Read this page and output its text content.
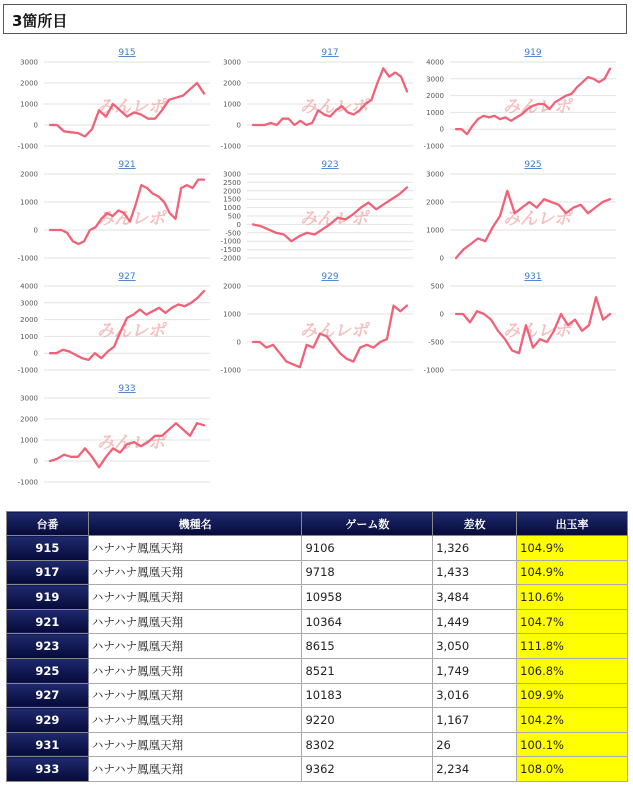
3箇所目
915
3000
2000
1000
0
-1000
みんレポ
917
3000
2000
1000
0
-1000
みんレポ
919
4000
3000
2000
1000
0
-1000
みんレポ
921
2000
1000
0
-1000
みんレポ
923
3000
2500
2000
1500
1000
500
0
-500
-1000
-1500
-2000
みんレポ
925
3000
2000
1000
0
みんレポ
927
4000
3000
2000
1000
0
-1000
みんレポ
929
2000
1000
0
-1000
みんレポ
931
500
0
-500
-1000
みんレポ
933
3000
2000
1000
0
-1000
みんレポ
台番	機種名	ゲーム数	差枚	出玉率
915	ハナハナ鳳凰天翔	9106	1,326	104.9%
917	ハナハナ鳳凰天翔	9718	1,433	104.9%
919	ハナハナ鳳凰天翔	10958	3,484	110.6%
921	ハナハナ鳳凰天翔	10364	1,449	104.7%
923	ハナハナ鳳凰天翔	8615	3,050	111.8%
925	ハナハナ鳳凰天翔	8521	1,749	106.8%
927	ハナハナ鳳凰天翔	10183	3,016	109.9%
929	ハナハナ鳳凰天翔	9220	1,167	104.2%
931	ハナハナ鳳凰天翔	8302	26	100.1%
933	ハナハナ鳳凰天翔	9362	2,234	108.0%
